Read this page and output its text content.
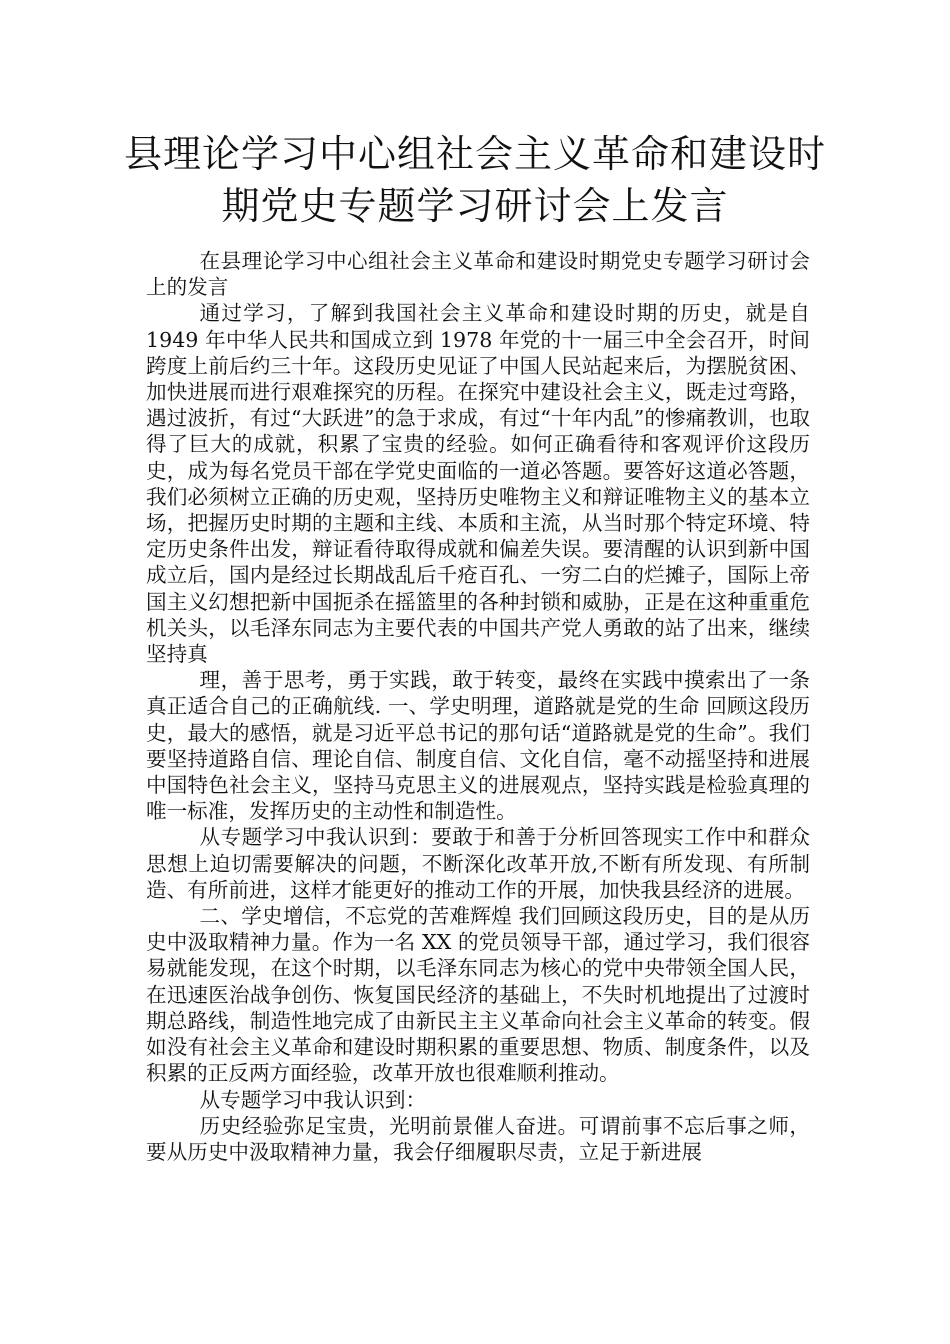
县理论学习中心组社会主义革命和建设时
期党史专题学习研讨会上发言

在县理论学习中心组社会主义革命和建设时期党史专题学习研讨会上的发言

通过学习，了解到我国社会主义革命和建设时期的历史，就是自 1949 年中华人民共和国成立到 1978 年党的十一届三中全会召开，时间跨度上前后约三十年。这段历史见证了中国人民站起来后，为摆脱贫困、加快进展而进行艰难探究的历程。在探究中建设社会主义，既走过弯路，遇过波折，有过“大跃进”的急于求成，有过“十年内乱”的惨痛教训，也取得了巨大的成就，积累了宝贵的经验。如何正确看待和客观评价这段历史，成为每名党员干部在学党史面临的一道必答题。要答好这道必答题，我们必须树立正确的历史观，坚持历史唯物主义和辩证唯物主义的基本立场，把握历史时期的主题和主线、本质和主流，从当时那个特定环境、特定历史条件出发，辩证看待取得成就和偏差失误。要清醒的认识到新中国成立后，国内是经过长期战乱后千疮百孔、一穷二白的烂摊子，国际上帝国主义幻想把新中国扼杀在摇篮里的各种封锁和威胁，正是在这种重重危机关头，以毛泽东同志为主要代表的中国共产党人勇敢的站了出来，继续坚持真

理，善于思考，勇于实践，敢于转变，最终在实践中摸索出了一条真正适合自己的正确航线. 一、学史明理，道路就是党的生命 回顾这段历史，最大的感悟，就是习近平总书记的那句话“道路就是党的生命”。我们要坚持道路自信、理论自信、制度自信、文化自信，毫不动摇坚持和进展中国特色社会主义，坚持马克思主义的进展观点，坚持实践是检验真理的唯一标准，发挥历史的主动性和制造性。

从专题学习中我认识到：要敢于和善于分析回答现实工作中和群众思想上迫切需要解决的问题，不断深化改革开放,不断有所发现、有所制造、有所前进，这样才能更好的推动工作的开展，加快我县经济的进展。

二、学史增信，不忘党的苦难辉煌 我们回顾这段历史，目的是从历史中汲取精神力量。作为一名 XX 的党员领导干部，通过学习，我们很容易就能发现，在这个时期，以毛泽东同志为核心的党中央带领全国人民，在迅速医治战争创伤、恢复国民经济的基础上，不失时机地提出了过渡时期总路线，制造性地完成了由新民主主义革命向社会主义革命的转变。假如没有社会主义革命和建设时期积累的重要思想、物质、制度条件，以及积累的正反两方面经验，改革开放也很难顺利推动。

从专题学习中我认识到：

历史经验弥足宝贵，光明前景催人奋进。可谓前事不忘后事之师，要从历史中汲取精神力量，我会仔细履职尽责，立足于新进展
